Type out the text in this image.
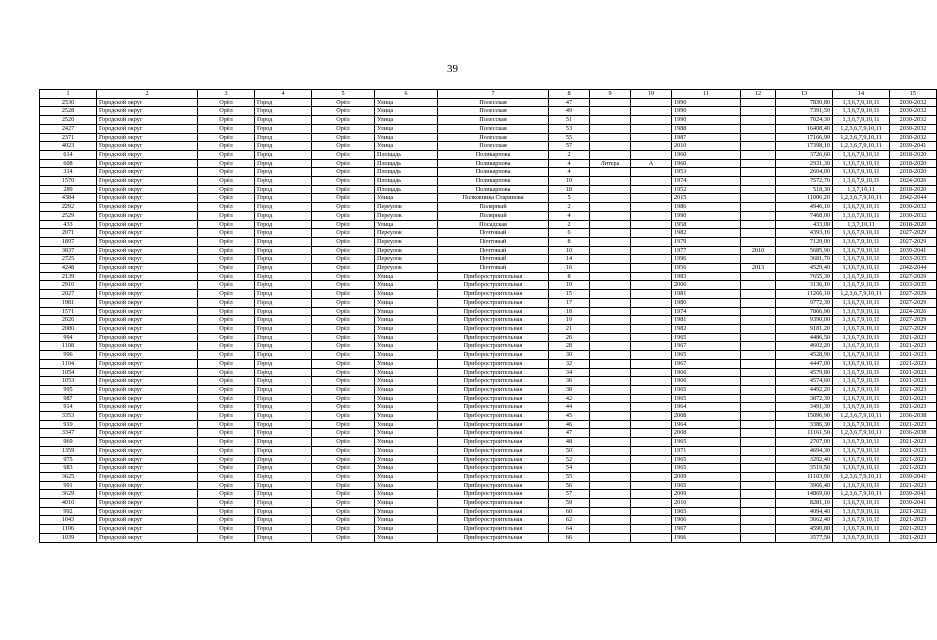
39
1	2	3	4	5	6	7	8	9	10	11	12	13	14	15
2530	Городской округ	Орёл	Город	Орёл	Улица	Полесская	47			1990		7830,80	1,3,6,7,9,10,11	2030-2032
2528	Городской округ	Орёл	Город	Орёл	Улица	Полесская	49			1990		7391,50	1,3,6,7,9,10,11	2030-2032
2526	Городской округ	Орёл	Город	Орёл	Улица	Полесская	51			1990		7024,30	1,3,6,7,9,10,11	2030-2032
2427	Городской округ	Орёл	Город	Орёл	Улица	Полесская	53			1988		16408,40	1,2,3,6,7,9,10,11	2030-2032
2371	Городской округ	Орёл	Город	Орёл	Улица	Полесская	55			1987		17166,90	1,2,3,6,7,9,10,11	2030-2032
4023	Городской округ	Орёл	Город	Орёл	Улица	Полесская	57			2010		17398,10	1,2,3,6,7,9,10,11	2039-2041
614	Городской округ	Орёл	Город	Орёл	Площадь	Поликарпова	2			1960		3726,60	1,3,6,7,9,10,11	2018-2020
608	Городской округ	Орёл	Город	Орёл	Площадь	Поликарпова	4	Литера	А	1960		2931,30	1,3,6,7,9,10,11	2018-2020
314	Городской округ	Орёл	Город	Орёл	Площадь	Поликарпова	4			1953		2604,00	1,3,6,7,9,10,11	2018-2020
1570	Городской округ	Орёл	Город	Орёл	Площадь	Поликарпова	10			1974		7572,70	1,3,6,7,9,10,11	2024-2026
289	Городской округ	Орёл	Город	Орёл	Площадь	Поликарпова	18			1952		518,30	1,3,7,10,11	2018-2020
4384	Городской округ	Орёл	Город	Орёл	Улица	Полковника Старинова	5			2015		11006,20	1,2,3,6,7,9,10,11	2042-2044
2292	Городской округ	Орёл	Город	Орёл	Переулок	Полярный	2			1986		4946,10	1,3,6,7,9,10,11	2030-2032
2529	Городской округ	Орёл	Город	Орёл	Переулок	Полярный	4			1990		7468,00	1,3,6,7,9,10,11	2030-2032
433	Городской округ	Орёл	Город	Орёл	Улица	Посадская	2			1958		433,00	1,3,7,10,11	2018-2020
2071	Городской округ	Орёл	Город	Орёл	Переулок	Почтовый	6			1982		4393,10	1,3,6,7,9,10,11	2027-2029
1897	Городской округ	Орёл	Город	Орёл	Переулок	Почтовый	8			1979		7120,00	1,3,6,7,9,10,11	2027-2029
3837	Городской округ	Орёл	Город	Орёл	Переулок	Почтовый	10			1977	2010	5685,90	1,3,6,7,9,10,11	2039-2041
2725	Городской округ	Орёл	Город	Орёл	Переулок	Почтовый	14			1996		3681,70	1,3,6,7,9,10,11	2033-2035
4248	Городской округ	Орёл	Город	Орёл	Переулок	Почтовый	16			1956	2013	4529,40	1,3,6,7,9,10,11	2042-2044
2139	Городской округ	Орёл	Город	Орёл	Улица	Приборостроительная	8			1983		7655,30	1,3,6,7,9,10,11	2027-2029
2916	Городской округ	Орёл	Город	Орёл	Улица	Приборостроительная	10			2006		3136,10	1,3,6,7,9,10,11	2033-2035
2027	Городской округ	Орёл	Город	Орёл	Улица	Приборостроительная	15			1981		11266,10	1,2,3,6,7,9,10,11	2027-2029
1981	Городской округ	Орёл	Город	Орёл	Улица	Приборостроительная	17			1980		9772,30	1,3,6,7,9,10,11	2027-2029
1571	Городской округ	Орёл	Город	Орёл	Улица	Приборостроительная	18			1974		7866,90	1,3,6,7,9,10,11	2024-2026
2026	Городской округ	Орёл	Город	Орёл	Улица	Приборостроительная	19			1981		9390,00	1,3,6,7,9,10,11	2027-2029
2080	Городской округ	Орёл	Город	Орёл	Улица	Приборостроительная	21			1982		9181,20	1,3,6,7,9,10,11	2027-2029
994	Городской округ	Орёл	Город	Орёл	Улица	Приборостроительная	26			1965		4486,50	1,3,6,7,9,10,11	2021-2023
1108	Городской округ	Орёл	Город	Орёл	Улица	Приборостроительная	28			1967		4602,20	1,3,6,7,9,10,11	2021-2023
996	Городской округ	Орёл	Город	Орёл	Улица	Приборостроительная	30			1965		4528,90	1,3,6,7,9,10,11	2021-2023
1104	Городской округ	Орёл	Город	Орёл	Улица	Приборостроительная	32			1967		4447,00	1,3,6,7,9,10,11	2021-2023
1054	Городской округ	Орёл	Город	Орёл	Улица	Приборостроительная	34			1966		4579,80	1,3,6,7,9,10,11	2021-2023
1053	Городской округ	Орёл	Город	Орёл	Улица	Приборостроительная	36			1966		4574,60	1,3,6,7,9,10,11	2021-2023
995	Городской округ	Орёл	Город	Орёл	Улица	Приборостроительная	38			1965		4492,20	1,3,6,7,9,10,11	2021-2023
987	Городской округ	Орёл	Город	Орёл	Улица	Приборостроительная	42			1965		3872,30	1,3,6,7,9,10,11	2021-2023
914	Городской округ	Орёл	Город	Орёл	Улица	Приборостроительная	44			1964		3491,30	1,3,6,7,9,10,11	2021-2023
3353	Городской округ	Орёл	Город	Орёл	Улица	Приборостроительная	45			2008		15096,90	1,2,3,6,7,9,10,11	2036-2038
910	Городской округ	Орёл	Город	Орёл	Улица	Приборостроительная	46			1964		3386,30	1,3,6,7,9,10,11	2021-2023
3347	Городской округ	Орёл	Город	Орёл	Улица	Приборостроительная	47			2008		11161,50	1,2,3,6,7,9,10,11	2036-2038
969	Городской округ	Орёл	Город	Орёл	Улица	Приборостроительная	48			1965		2707,00	1,3,6,7,9,10,11	2021-2023
1359	Городской округ	Орёл	Город	Орёл	Улица	Приборостроительная	50			1971		4694,30	1,3,6,7,9,10,11	2021-2023
975	Городской округ	Орёл	Город	Орёл	Улица	Приборостроительная	52			1965		3292,40	1,3,6,7,9,10,11	2021-2023
983	Городской округ	Орёл	Город	Орёл	Улица	Приборостроительная	54			1965		3519,50	1,3,6,7,9,10,11	2021-2023
3625	Городской округ	Орёл	Город	Орёл	Улица	Приборостроительная	55			2009		11103,90	1,2,3,6,7,9,10,11	2039-2041
991	Городской округ	Орёл	Город	Орёл	Улица	Приборостроительная	56			1965		3966,40	1,3,6,7,9,10,11	2021-2023
3629	Городской округ	Орёл	Город	Орёл	Улица	Приборостроительная	57			2009		14869,00	1,2,3,6,7,9,10,11	2039-2041
4010	Городской округ	Орёл	Город	Орёл	Улица	Приборостроительная	59			2010		8281,10	1,3,6,7,9,10,11	2039-2041
992	Городской округ	Орёл	Город	Орёл	Улица	Приборостроительная	60			1965		4094,40	1,3,6,7,9,10,11	2021-2023
1043	Городской округ	Орёл	Город	Орёл	Улица	Приборостроительная	62			1966		3662,40	1,3,6,7,9,10,11	2021-2023
1106	Городской округ	Орёл	Город	Орёл	Улица	Приборостроительная	64			1967		4590,80	1,3,6,7,9,10,11	2021-2023
1039	Городской округ	Орёл	Город	Орёл	Улица	Приборостроительная	66			1966		3577,50	1,3,6,7,9,10,11	2021-2023
